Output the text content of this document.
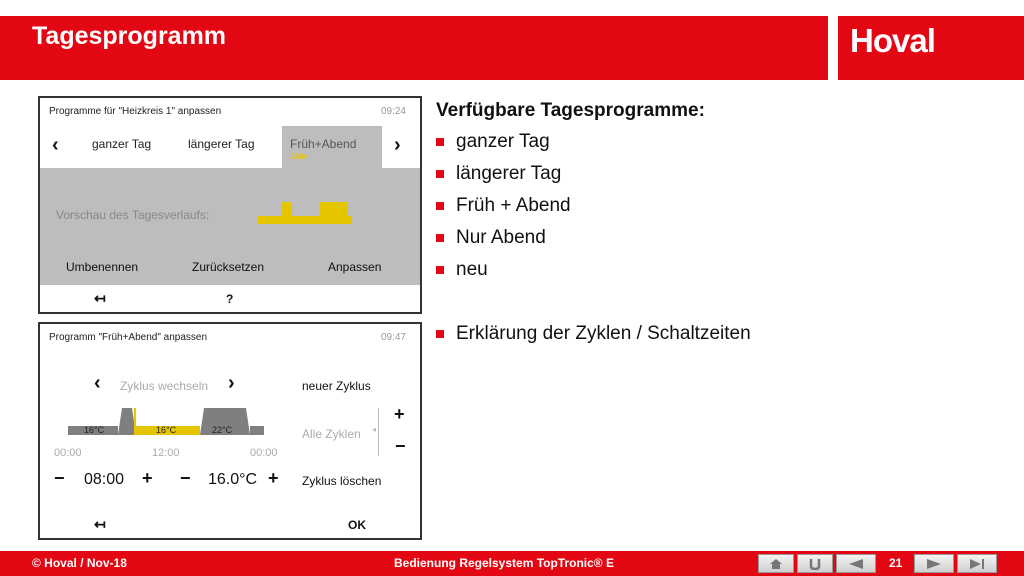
Tagesprogramm	Hoval
Programme für "Heizkreis 1" anpassen	09:24
‹	ganzer Tag	längerer Tag	Früh+Abend
Aktiv
›
Vorschau des Tagesverlaufs:
Umbenennen	Zurücksetzen	Anpassen
↤	?
Programm "Früh+Abend" anpassen	09:47
‹ Zyklus wechseln ›	neuer Zyklus
16°C	16°C	22°C
00:00	12:00	00:00
Alle Zyklen ◂
+
−
− 08:00 + − 16.0°C + Zyklus löschen
↤	OK
Verfügbare Tagesprogramme:
ganzer Tag
längerer Tag
Früh + Abend
Nur Abend
neu
Erklärung der Zyklen / Schaltzeiten
© Hoval / Nov-18	Bedienung Regelsystem TopTronic® E	21
